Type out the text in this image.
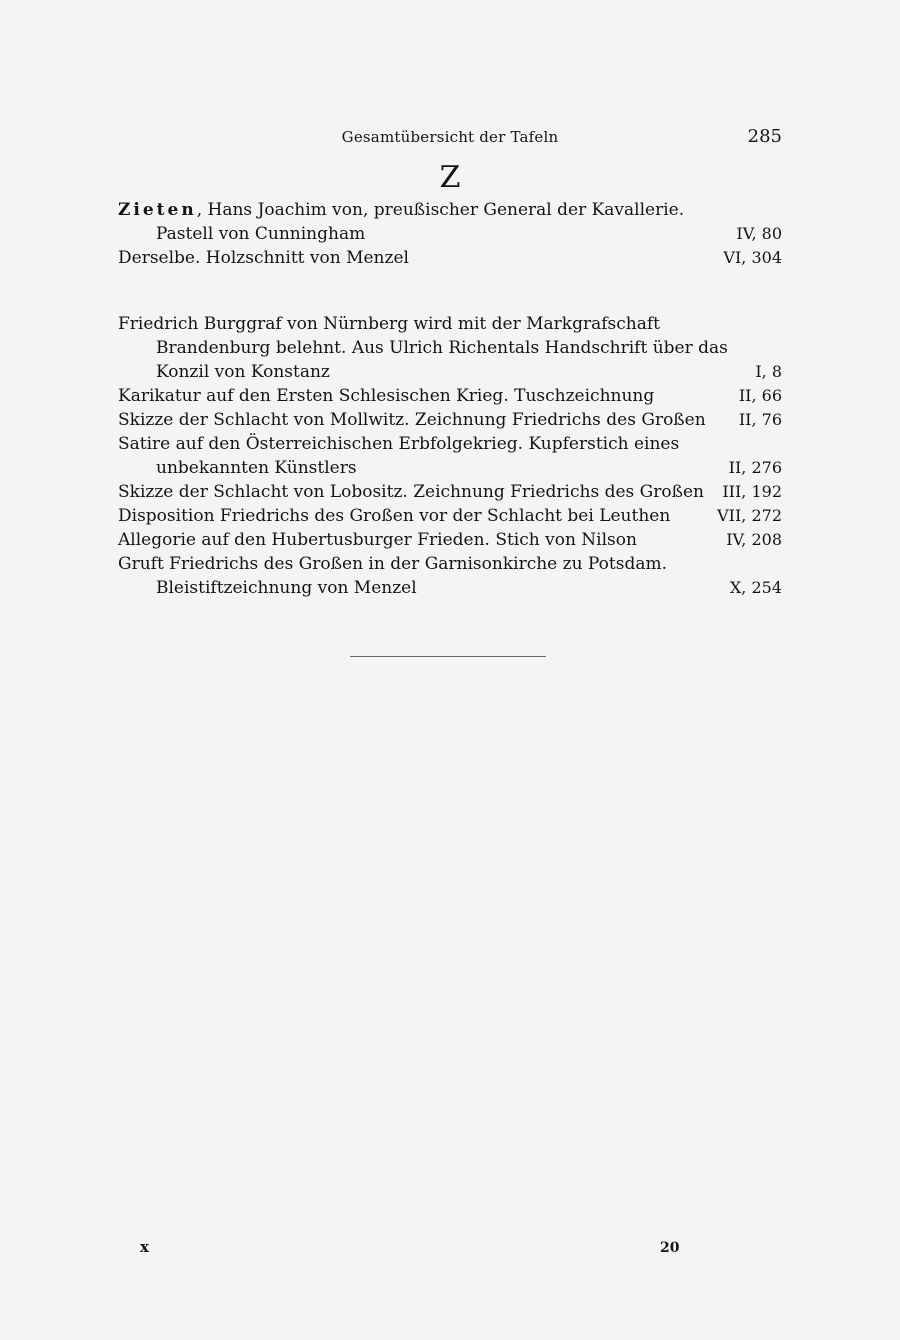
Gesamtübersicht der Tafeln	285
Z
Zieten, Hans Joachim von, preußischer General der Kavallerie. Pastell von Cunningham	IV, 80
Derselbe. Holzschnitt von Menzel	VI, 304
Friedrich Burggraf von Nürnberg wird mit der Markgrafschaft Brandenburg belehnt. Aus Ulrich Richentals Handschrift über das Konzil von Konstanz	I, 8
Karikatur auf den Ersten Schlesischen Krieg. Tuschzeichnung	II, 66
Skizze der Schlacht von Mollwitz. Zeichnung Friedrichs des Großen	II, 76
Satire auf den Österreichischen Erbfolgekrieg. Kupferstich eines unbekannten Künstlers	II, 276
Skizze der Schlacht von Lobositz. Zeichnung Friedrichs des Großen	III, 192
Disposition Friedrichs des Großen vor der Schlacht bei Leuthen	VII, 272
Allegorie auf den Hubertusburger Frieden. Stich von Nilson	IV, 208
Gruft Friedrichs des Großen in der Garnisonkirche zu Potsdam. Bleistiftzeichnung von Menzel	X, 254
x	20
